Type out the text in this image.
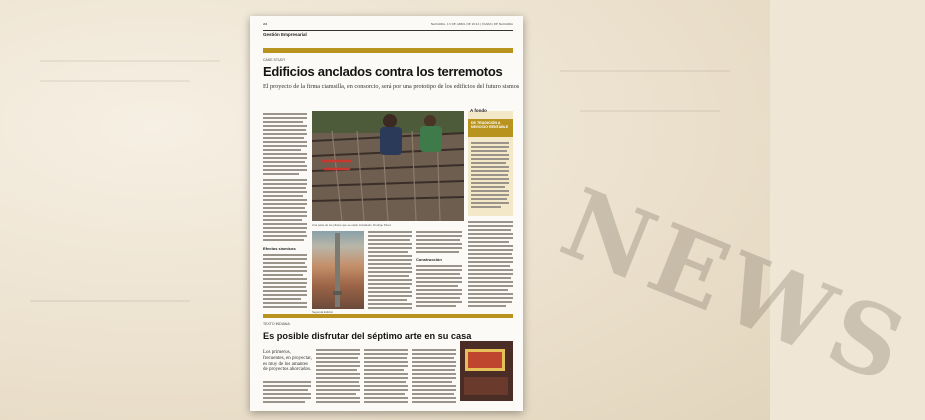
NEWS
22	NAVARRA, 13 DE ABRIL DE 2014 | DIARIO DE NAVARRA
Gestión Empresarial
CASE STUDY
Edificios anclados contra los terremotos
El proyecto de la firma ciamsilla, en consorcio, será por una prototipo de los edificios del futuro sismos
Efectos sísmicos
Una parte de los pilotes que se están instalando. Rodrigo Pérez
A fondo
DE TRADICIÓN A NEGOCIO RENTABLE
Segunda Edición
Construcción
TEXTO INDIANA
Es posible disfrutar del séptimo arte en su casa
Los primeros, frecuentes, en proyectar, es muy de los amantes de proyectos ahorcados.
